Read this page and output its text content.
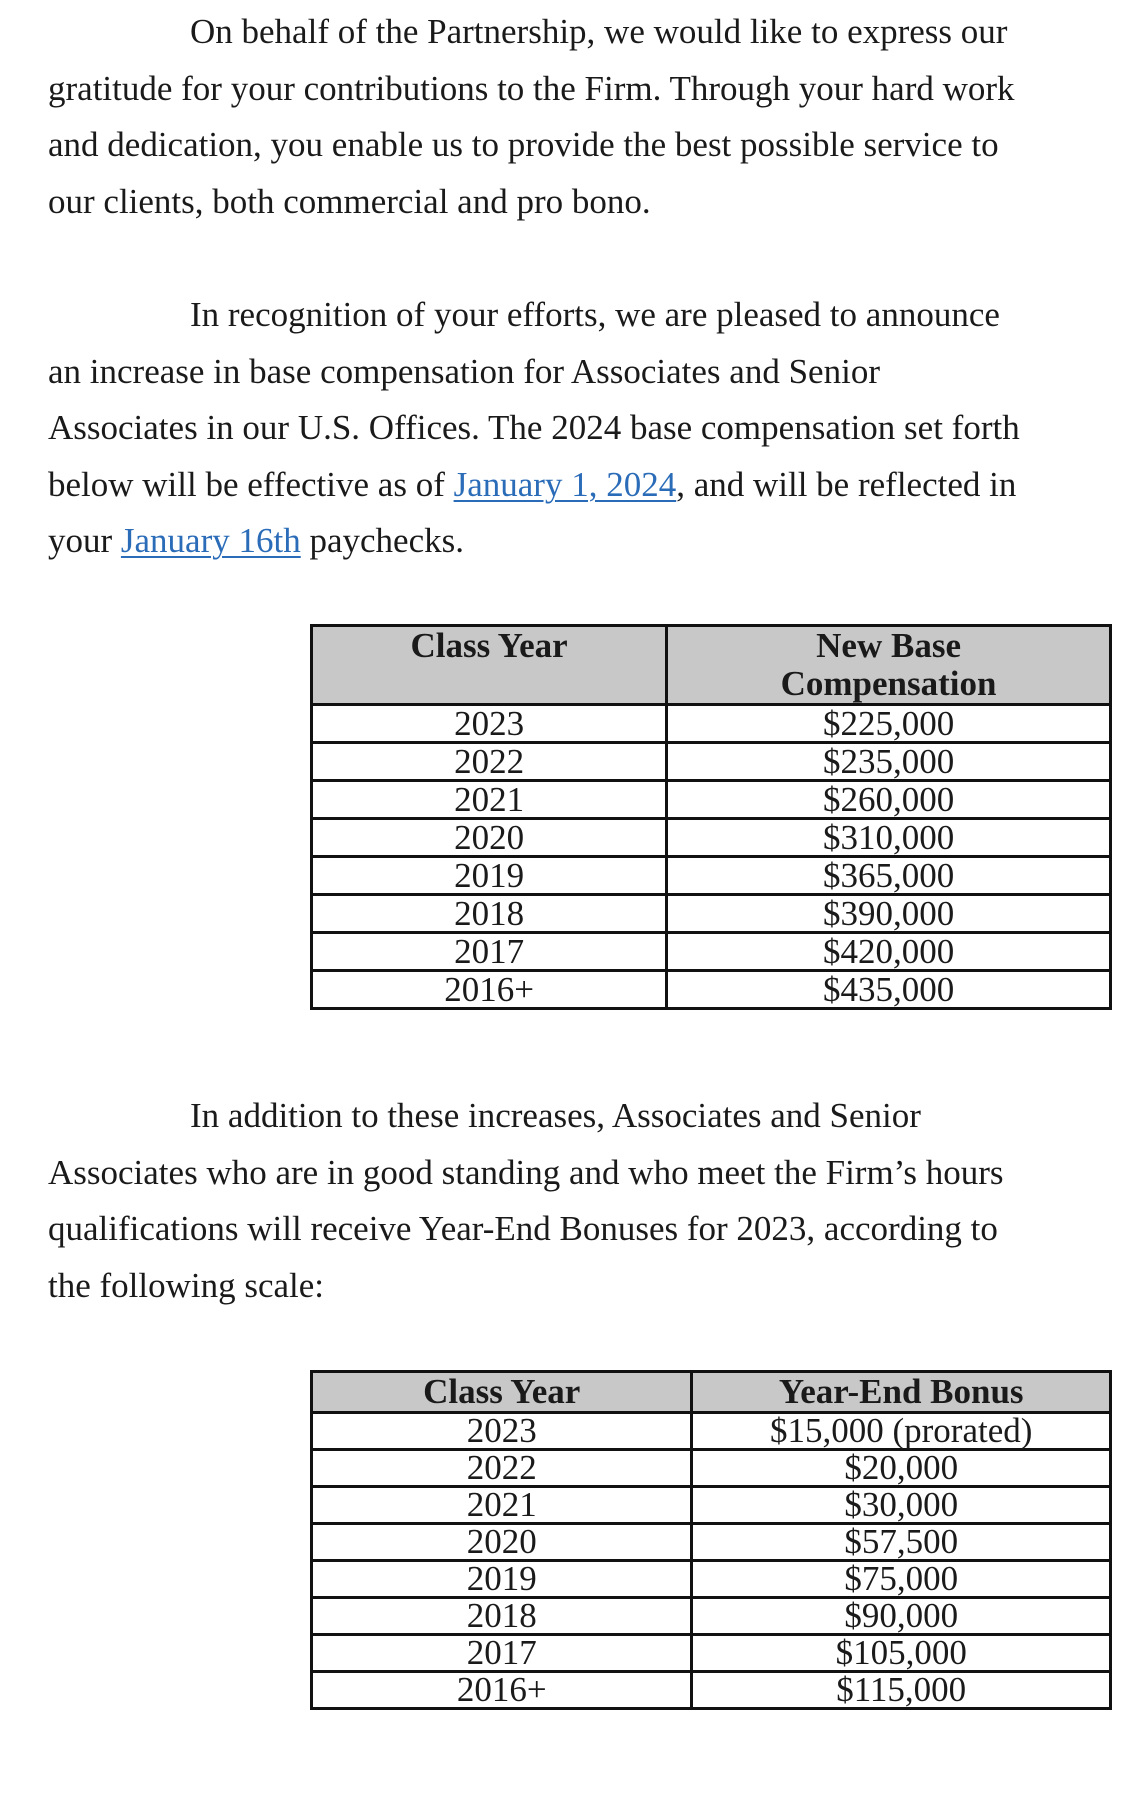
On behalf of the Partnership, we would like to express our
gratitude for your contributions to the Firm. Through your hard work
and dedication, you enable us to provide the best possible service to
our clients, both commercial and pro bono.
In recognition of your efforts, we are pleased to announce
an increase in base compensation for Associates and Senior
Associates in our U.S. Offices. The 2024 base compensation set forth
below will be effective as of January 1, 2024, and will be reflected in
your January 16th paychecks.
Class Year	New Base
Compensation

2023	$225,000
2022	$235,000
2021	$260,000
2020	$310,000
2019	$365,000
2018	$390,000
2017	$420,000
2016+	$435,000
In addition to these increases, Associates and Senior
Associates who are in good standing and who meet the Firm’s hours
qualifications will receive Year-End Bonuses for 2023, according to
the following scale:
Class Year	Year-End Bonus
2023	$15,000 (prorated)
2022	$20,000
2021	$30,000
2020	$57,500
2019	$75,000
2018	$90,000
2017	$105,000
2016+	$115,000
